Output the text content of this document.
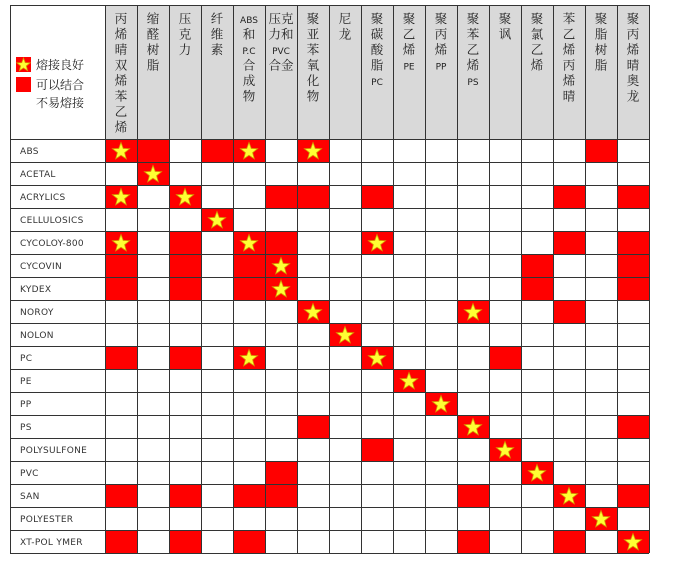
熔接良好
可以结合
不易熔接
丙
烯
晴
双
烯
苯
乙
烯
缩
醛
树
脂
压
克
力
纤
维
素
ABS
和
P.C
合
成
物
压克
力和
PVC
合金
聚
亚
苯
氧
化
物
尼
龙
聚
碳
酸
脂
PC
聚
乙
烯
PE
聚
丙
烯
PP
聚
苯
乙
烯
PS
聚
讽
聚
氯
乙
烯
苯
乙
烯
丙
烯
晴
聚
脂
树
脂
聚
丙
烯
晴
奥
龙
ABS
ACETAL
ACRYLICS
CELLULOSICS
CYCOLOY-800
CYCOVIN
KYDEX
NOROY
NOLON
PC
PE
PP
PS
POLYSULFONE
PVC
SAN
POLYESTER
XT-POL YMER
